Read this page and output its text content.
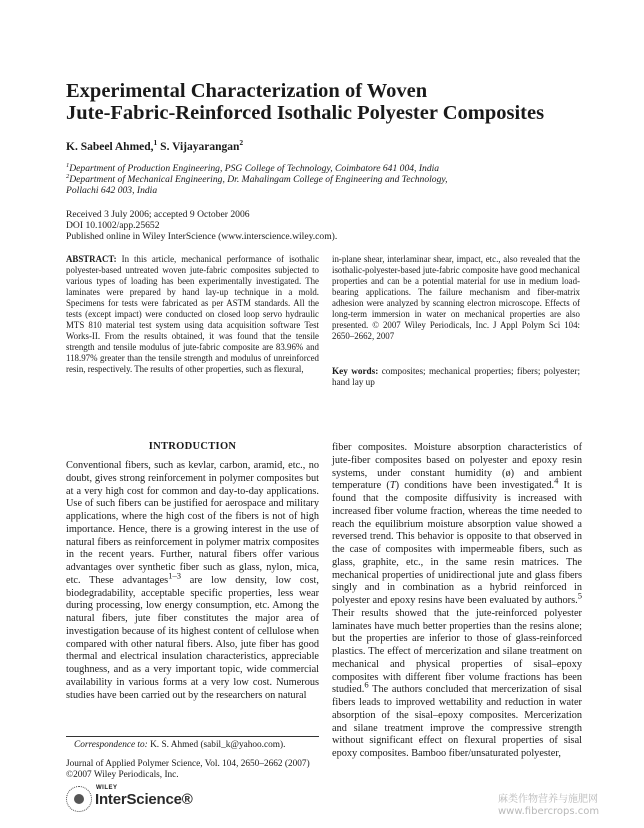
Experimental Characterization of Woven
Jute-Fabric-Reinforced Isothalic Polyester Composites
K. Sabeel Ahmed,$^1$ S. Vijayarangan$^2$
$^1$Department of Production Engineering, PSG College of Technology, Coimbatore 641 004, India
$^2$Department of Mechanical Engineering, Dr. Mahalingam College of Engineering and Technology,
Pollachi 642 003, India
Received 3 July 2006; accepted 9 October 2006
DOI 10.1002/app.25652
Published online in Wiley InterScience (www.interscience.wiley.com).
ABSTRACT: In this article, mechanical performance of isothalic polyester-based untreated woven jute-fabric composites subjected to various types of loading has been experimentally investigated. The laminates were prepared by hand lay-up technique in a mold. Specimens for tests were fabricated as per ASTM standards. All the tests (except impact) were conducted on closed loop servo hydraulic MTS 810 material test system using data acquisition software Test Works-II. From the results obtained, it was found that the tensile strength and tensile modulus of jute-fabric composite are 83.96% and 118.97% greater than the tensile strength and modulus of unreinforced resin, respectively. The results of other properties, such as flexural,
in-plane shear, interlaminar shear, impact, etc., also revealed that the isothalic-polyester-based jute-fabric composite have good mechanical properties and can be a potential material for use in medium load-bearing applications. The failure mechanism and fiber-matrix adhesion were analyzed by scanning electron microscope. Effects of long-term immersion in water on mechanical properties are also presented. © 2007 Wiley Periodicals, Inc. J Appl Polym Sci 104: 2650–2662, 2007
Key words: composites; mechanical properties; fibers; polyester; hand lay up
INTRODUCTION
Conventional fibers, such as kevlar, carbon, aramid, etc., no doubt, gives strong reinforcement in polymer composites but at a very high cost for common and day-to-day applications. Use of such fibers can be justified for aerospace and military applications, where the high cost of the fibers is not of high importance. Hence, there is a growing interest in the use of natural fibers as reinforcement in polymer matrix composites in the recent years. Further, natural fibers offer various advantages over synthetic fiber such as glass, nylon, mica, etc. These advantages$^{1-3}$ are low density, low cost, biodegradability, acceptable specific properties, less wear during processing, low energy consumption, etc. Among the natural fibers, jute fiber constitutes the major area of investigation because of its highest content of cellulose when compared with other natural fibers. Also, jute fiber has good thermal and electrical insulation characteristics, appreciable toughness, and as a very important topic, wide commercial availability in various forms at a very low cost. Numerous studies have been carried out by the researchers on natural
fiber composites. Moisture absorption characteristics of jute-fiber composites based on polyester and epoxy resin systems, under constant humidity (ø) and ambient temperature (T) conditions have been investigated.$^4$ It is found that the composite diffusivity is increased with increased fiber volume fraction, whereas the time needed to reach the equilibrium moisture absorption value showed a reversed trend. This behavior is opposite to that observed in the case of composites with impermeable fibers, such as glass, graphite, etc., in the same resin matrices. The mechanical properties of unidirectional jute and glass fibers singly and in combination as a hybrid reinforced in polyester and epoxy resins have been evaluated by authors.$^5$ Their results showed that the jute-reinforced polyester laminates have much better properties than the resins alone; but the properties are inferior to those of glass-reinforced plastics. The effect of mercerization and silane treatment on mechanical and physical properties of sisal–epoxy composites with different fiber volume fractions has been studied.$^6$ The authors concluded that mercerization of sisal fibers leads to improved wettability and reduction in water absorption of the sisal–epoxy composites. Mercerization and silane treatment improve the compressive strength without significant effect on flexural properties of sisal epoxy composites. Bamboo fiber/unsaturated polyester,
Correspondence to: K. S. Ahmed (sabil_k@yahoo.com).
Journal of Applied Polymer Science, Vol. 104, 2650–2662 (2007)
©2007 Wiley Periodicals, Inc.
WILEY
InterScience®	麻类作物营养与施肥网
www.fibercrops.com
